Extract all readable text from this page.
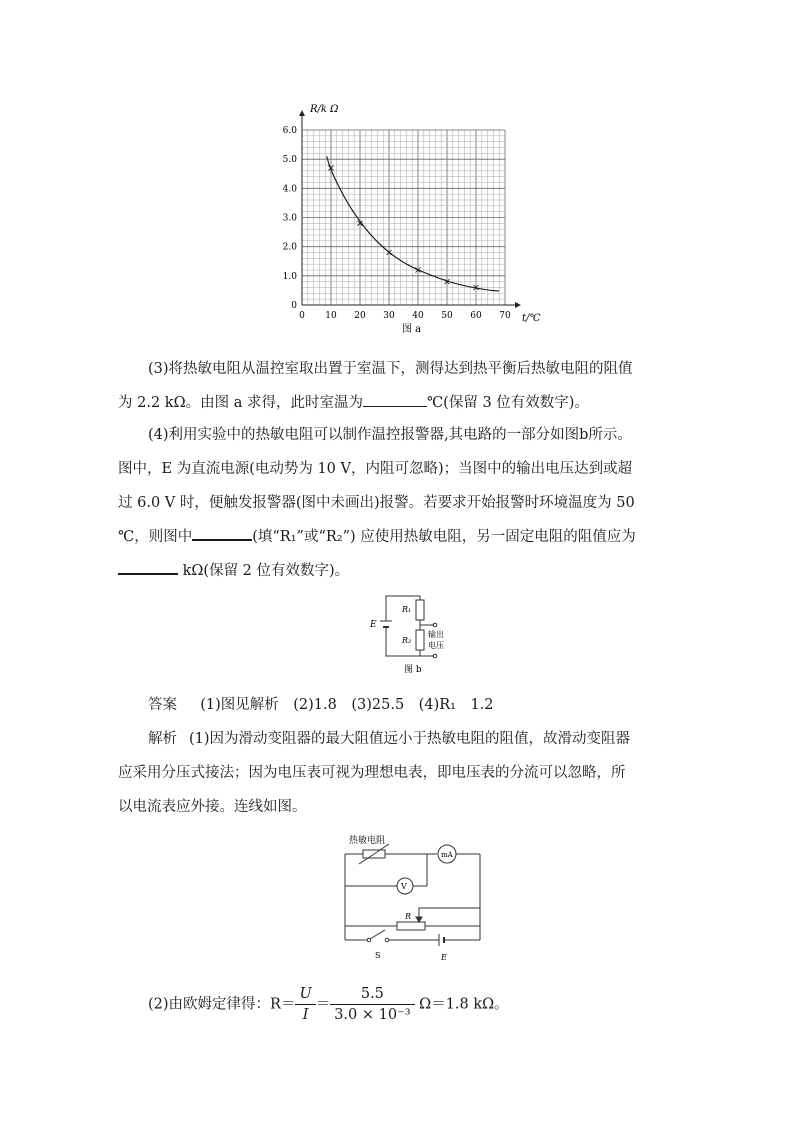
0 10 20 30 40 50 60 70
0
1.0
2.0
3.0
4.0
5.0
6.0
R/k Ω
t/℃
图 a
(3)将热敏电阻从温控室取出置于室温下，测得达到热平衡后热敏电阻的阻值
为 2.2 kΩ。由图 a 求得，此时室温为	℃(保留 3 位有效数字)。
(4)利用实验中的热敏电阻可以制作温控报警器,其电路的一部分如图b所示。
图中，E 为直流电源(电动势为 10 V，内阻可忽略)；当图中的输出电压达到或超
过 6.0 V 时，便触发报警器(图中未画出)报警。若要求开始报警时环境温度为 50
℃，则图中	(填“R₁”或“R₂”) 应使用热敏电阻，另一固定电阻的阻值应为
kΩ(保留 2 位有效数字)。
E
R₁
R₂
输出
电压
图 b
答案 (1)图见解析　(2)1.8　(3)25.5　(4)R₁　1.2
解析 (1)因为滑动变阻器的最大阻值远小于热敏电阻的阻值，故滑动变阻器
应采用分压式接法；因为电压表可视为理想电表，即电压表的分流可以忽略，所
以电流表应外接。连线如图。
热敏电阻
mA
V
R
S	E
(2)由欧姆定律得：$R= \frac{U}{I} = \frac{5.5}{\text{3.0 × 10⁻³}} \Omega=1.8$ kΩ。
